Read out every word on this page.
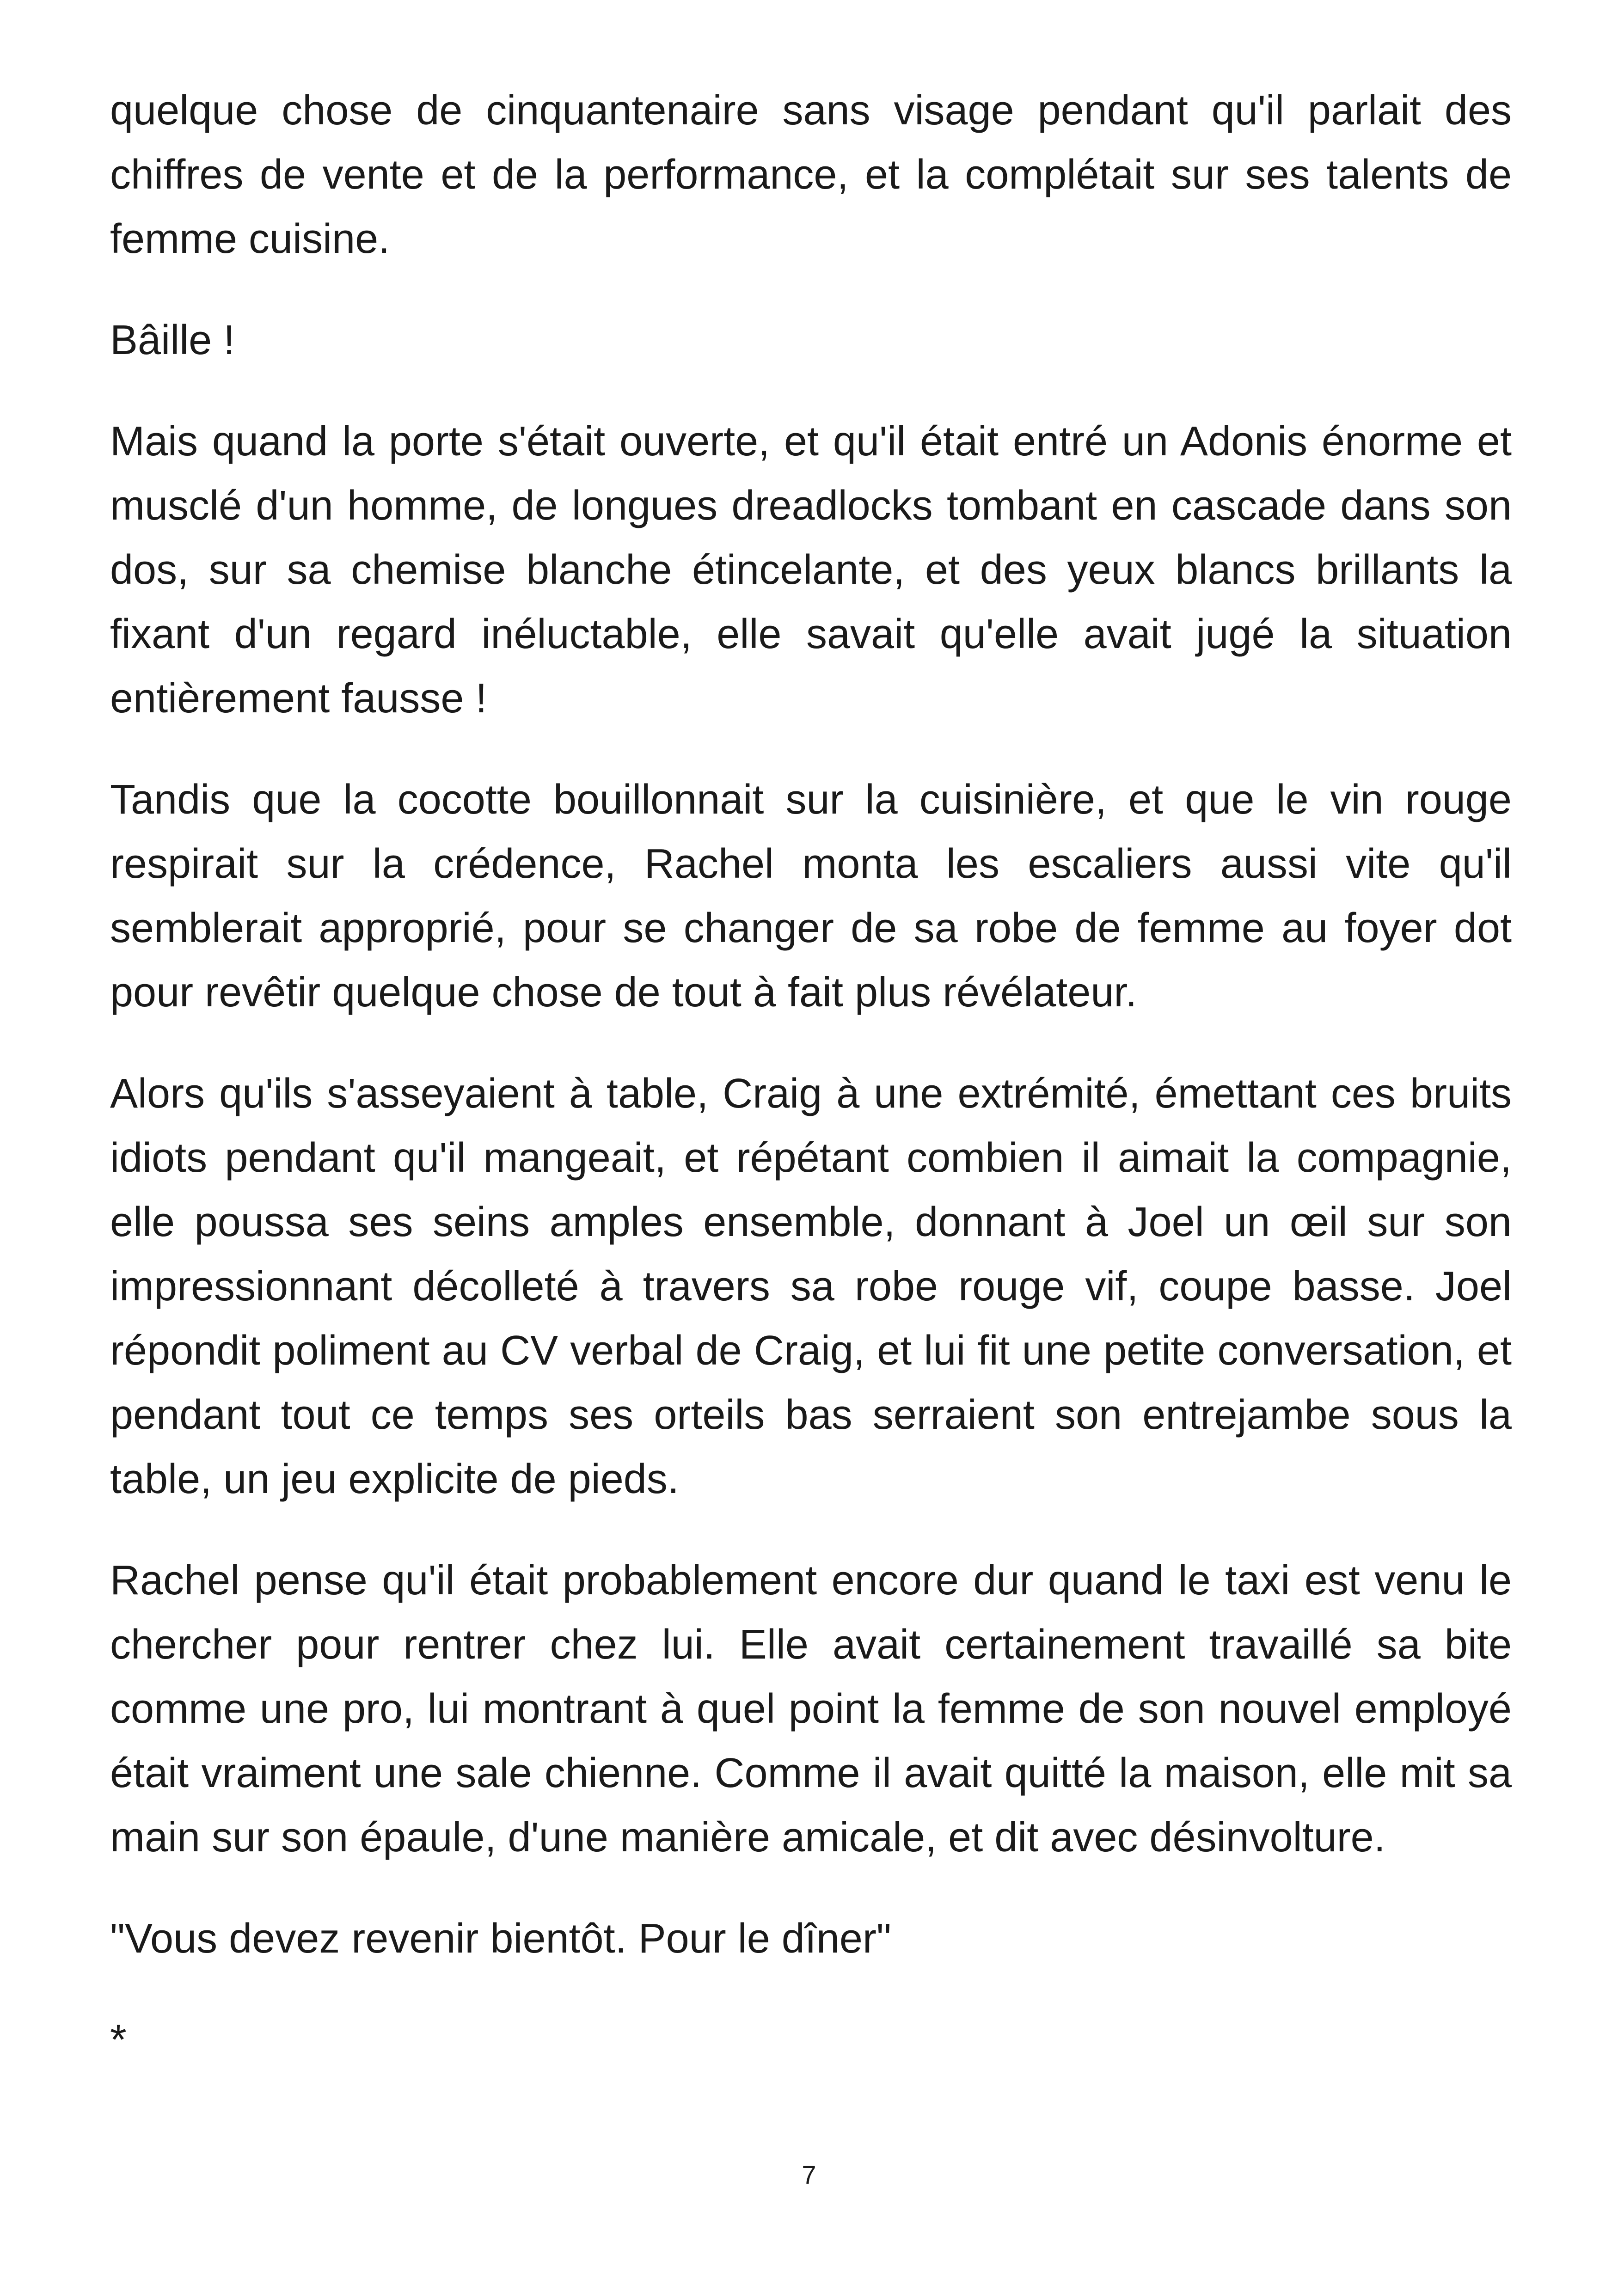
quelque chose de cinquantenaire sans visage pendant qu'il parlait des chiffres de vente et de la performance, et la complétait sur ses talents de femme cuisine.

Bâille !

Mais quand la porte s'était ouverte, et qu'il était entré un Adonis énorme et musclé d'un homme, de longues dreadlocks tombant en cascade dans son dos, sur sa chemise blanche étincelante, et des yeux blancs brillants la fixant d'un regard inéluctable, elle savait qu'elle avait jugé la situation entièrement fausse !

Tandis que la cocotte bouillonnait sur la cuisinière, et que le vin rouge respirait sur la crédence, Rachel monta les escaliers aussi vite qu'il semblerait approprié, pour se changer de sa robe de femme au foyer dot pour revêtir quelque chose de tout à fait plus révélateur.

Alors qu'ils s'asseyaient à table, Craig à une extrémité, émettant ces bruits idiots pendant qu'il mangeait, et répétant combien il aimait la compagnie, elle poussa ses seins amples ensemble, donnant à Joel un œil sur son impressionnant décolleté à travers sa robe rouge vif, coupe basse. Joel répondit poliment au CV verbal de Craig, et lui fit une petite conversation, et pendant tout ce temps ses orteils bas serraient son entrejambe sous la table, un jeu explicite de pieds.

Rachel pense qu'il était probablement encore dur quand le taxi est venu le chercher pour rentrer chez lui. Elle avait certainement travaillé sa bite comme une pro, lui montrant à quel point la femme de son nouvel employé était vraiment une sale chienne. Comme il avait quitté la maison, elle mit sa main sur son épaule, d'une manière amicale, et dit avec désinvolture.

"Vous devez revenir bientôt. Pour le dîner"

*

7
